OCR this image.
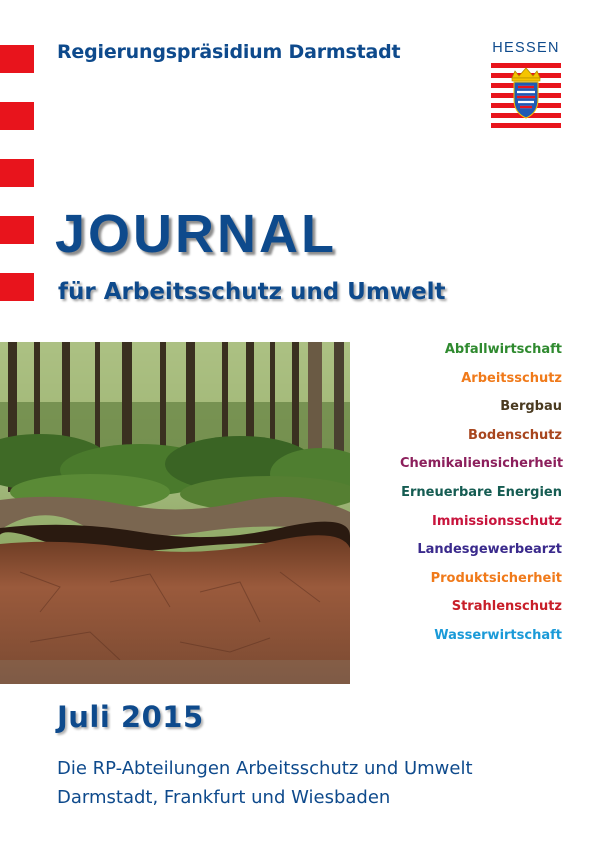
Regierungspräsidium Darmstadt	HESSEN
JOURNAL
für Arbeitsschutz und Umwelt
Abfallwirtschaft
Arbeitsschutz
Bergbau
Bodenschutz
Chemikaliensicherheit
Erneuerbare Energien
Immissionsschutz
Landesgewerbearzt
Produktsicherheit
Strahlenschutz
Wasserwirtschaft
Juli 2015
Die RP-Abteilungen Arbeitsschutz und Umwelt
Darmstadt, Frankfurt und Wiesbaden
